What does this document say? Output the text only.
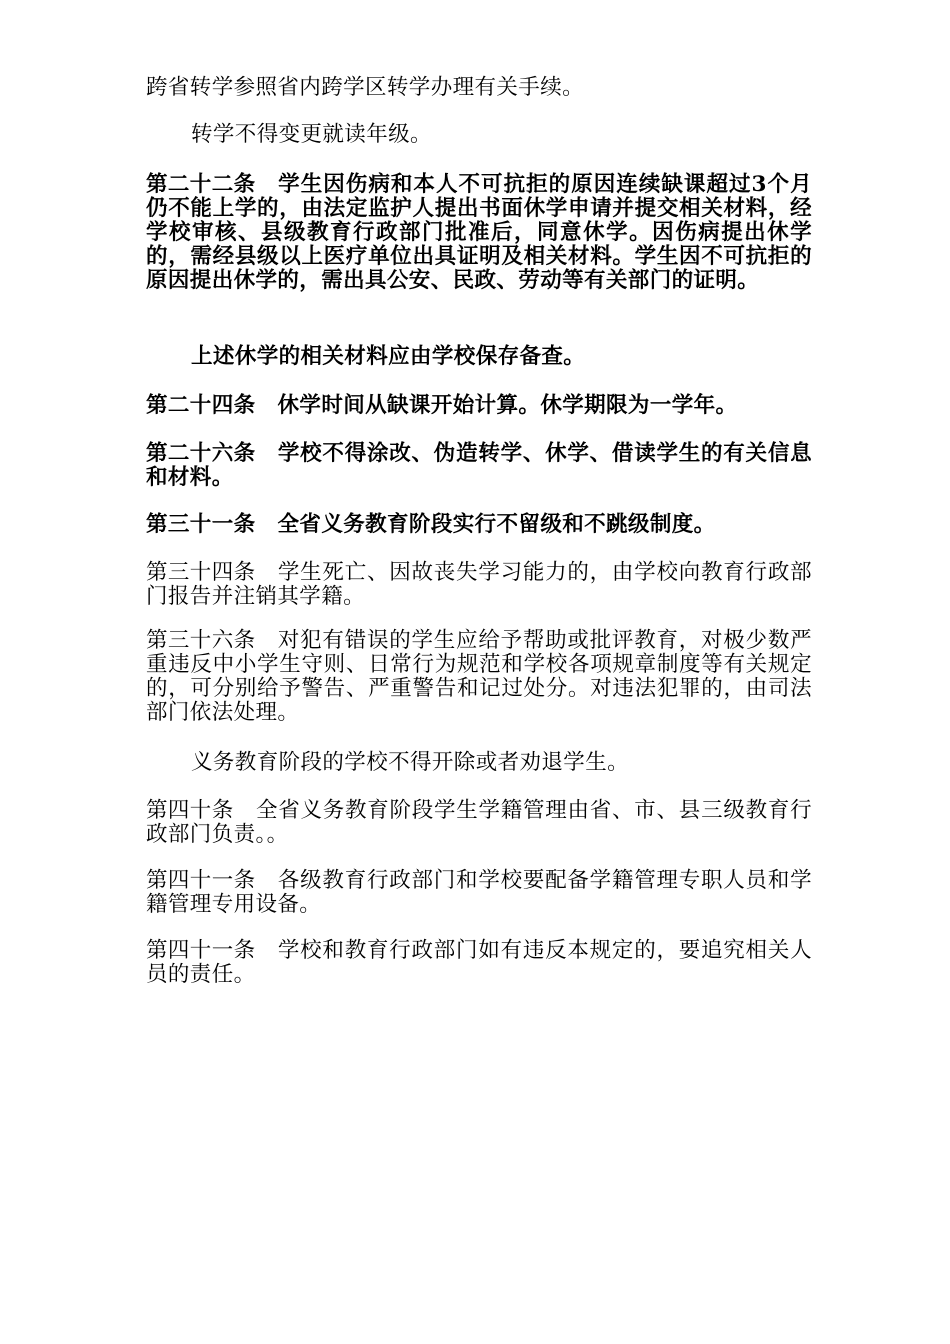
跨省转学参照省内跨学区转学办理有关手续。

转学不得变更就读年级。

第二十二条 学生因伤病和本人不可抗拒的原因连续缺课超过3个月仍不能上学的，由法定监护人提出书面休学申请并提交相关材料，经学校审核、县级教育行政部门批准后，同意休学。因伤病提出休学的，需经县级以上医疗单位出具证明及相关材料。学生因不可抗拒的原因提出休学的，需出具公安、民政、劳动等有关部门的证明。

上述休学的相关材料应由学校保存备查。

第二十四条 休学时间从缺课开始计算。休学期限为一学年。

第二十六条 学校不得涂改、伪造转学、休学、借读学生的有关信息和材料。

第三十一条 全省义务教育阶段实行不留级和不跳级制度。

第三十四条 学生死亡、因故丧失学习能力的，由学校向教育行政部门报告并注销其学籍。

第三十六条 对犯有错误的学生应给予帮助或批评教育，对极少数严重违反中小学生守则、日常行为规范和学校各项规章制度等有关规定的，可分别给予警告、严重警告和记过处分。对违法犯罪的，由司法部门依法处理。

义务教育阶段的学校不得开除或者劝退学生。

第四十条 全省义务教育阶段学生学籍管理由省、市、县三级教育行政部门负责。。

第四十一条 各级教育行政部门和学校要配备学籍管理专职人员和学籍管理专用设备。

第四十一条 学校和教育行政部门如有违反本规定的，要追究相关人员的责任。
